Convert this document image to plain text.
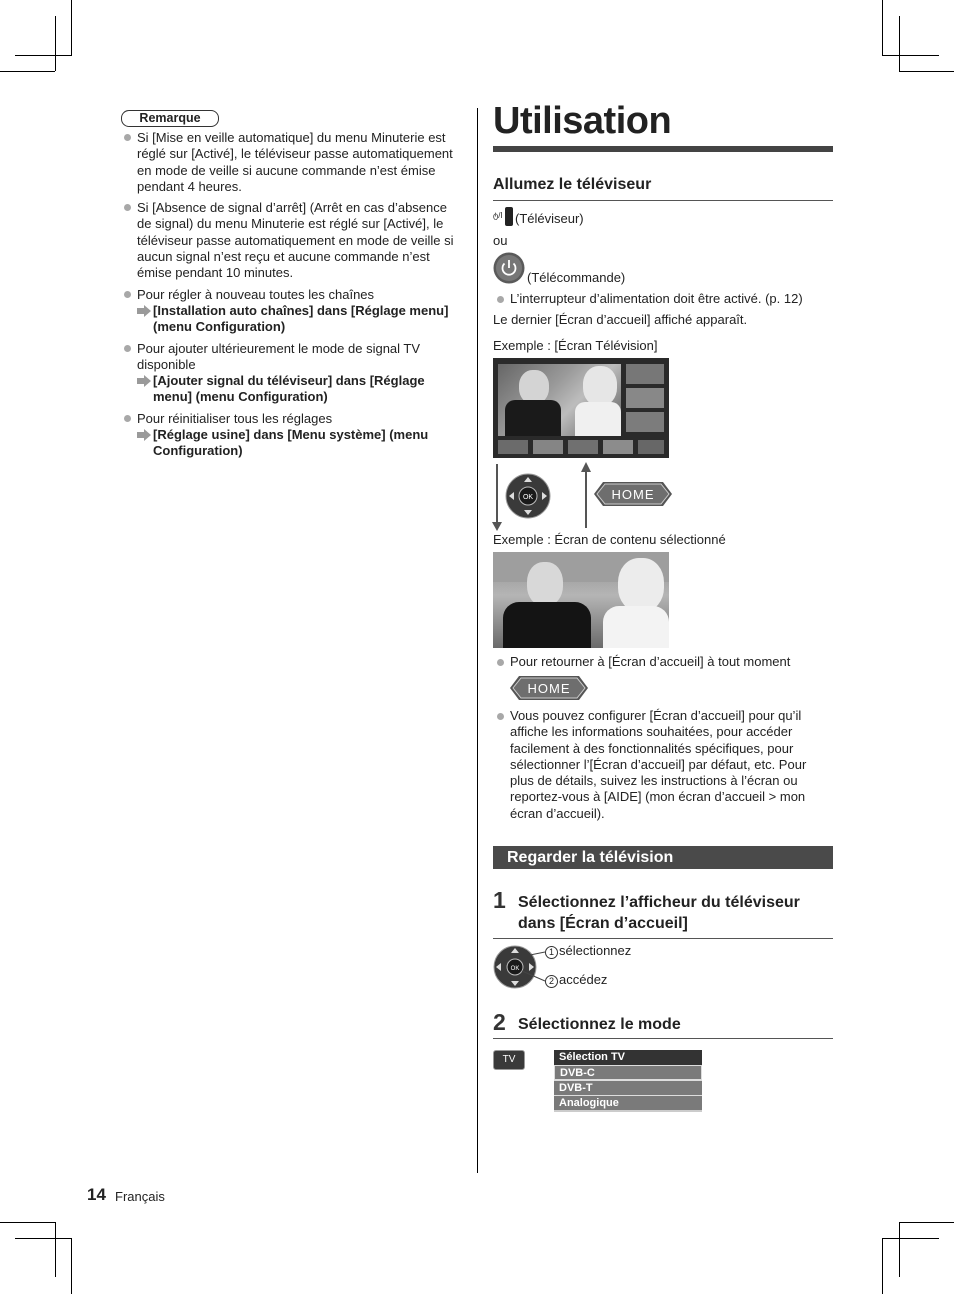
Remarque
Si [Mise en veille automatique] du menu Minuterie est réglé sur [Activé], le téléviseur passe automatiquement en mode de veille si aucune commande n’est émise pendant 4 heures.
Si [Absence de signal d’arrêt] (Arrêt en cas d’absence de signal) du menu Minuterie est réglé sur [Activé], le téléviseur passe automatiquement en mode de veille si aucun signal n’est reçu et aucune commande n’est émise pendant 10 minutes.
Pour régler à nouveau toutes les chaînes
[Installation auto chaînes] dans [Réglage menu] (menu Configuration)
Pour ajouter ultérieurement le mode de signal TV disponible
[Ajouter signal du téléviseur] dans [Réglage menu] (menu Configuration)
Pour réinitialiser tous les réglages
[Réglage usine] dans [Menu système] (menu Configuration)
Utilisation
Allumez le téléviseur
ტ/I (Téléviseur)
ou
(Télécommande)
L’interrupteur d’alimentation doit être activé. (p. 12)
Le dernier [Écran d’accueil] affiché apparaît.
Exemple : [Écran Télévision]
OK	HOME
Exemple : Écran de contenu sélectionné
Pour retourner à [Écran d’accueil] à tout moment
HOME
Vous pouvez configurer [Écran d’accueil] pour qu’il affiche les informations souhaitées, pour accéder facilement à des fonctionnalités spécifiques, pour sélectionner l’[Écran d’accueil] par défaut, etc. Pour plus de détails, suivez les instructions à l’écran ou reportez-vous à [AIDE] (mon écran d’accueil > mon écran d’accueil).
Regarder la télévision
1 Sélectionnez l’afficheur du téléviseur dans [Écran d’accueil]
OK
1 sélectionnez
2 accédez
2 Sélectionnez le mode
TV	Sélection TV
DVB-C
DVB-T
Analogique
14 Français
